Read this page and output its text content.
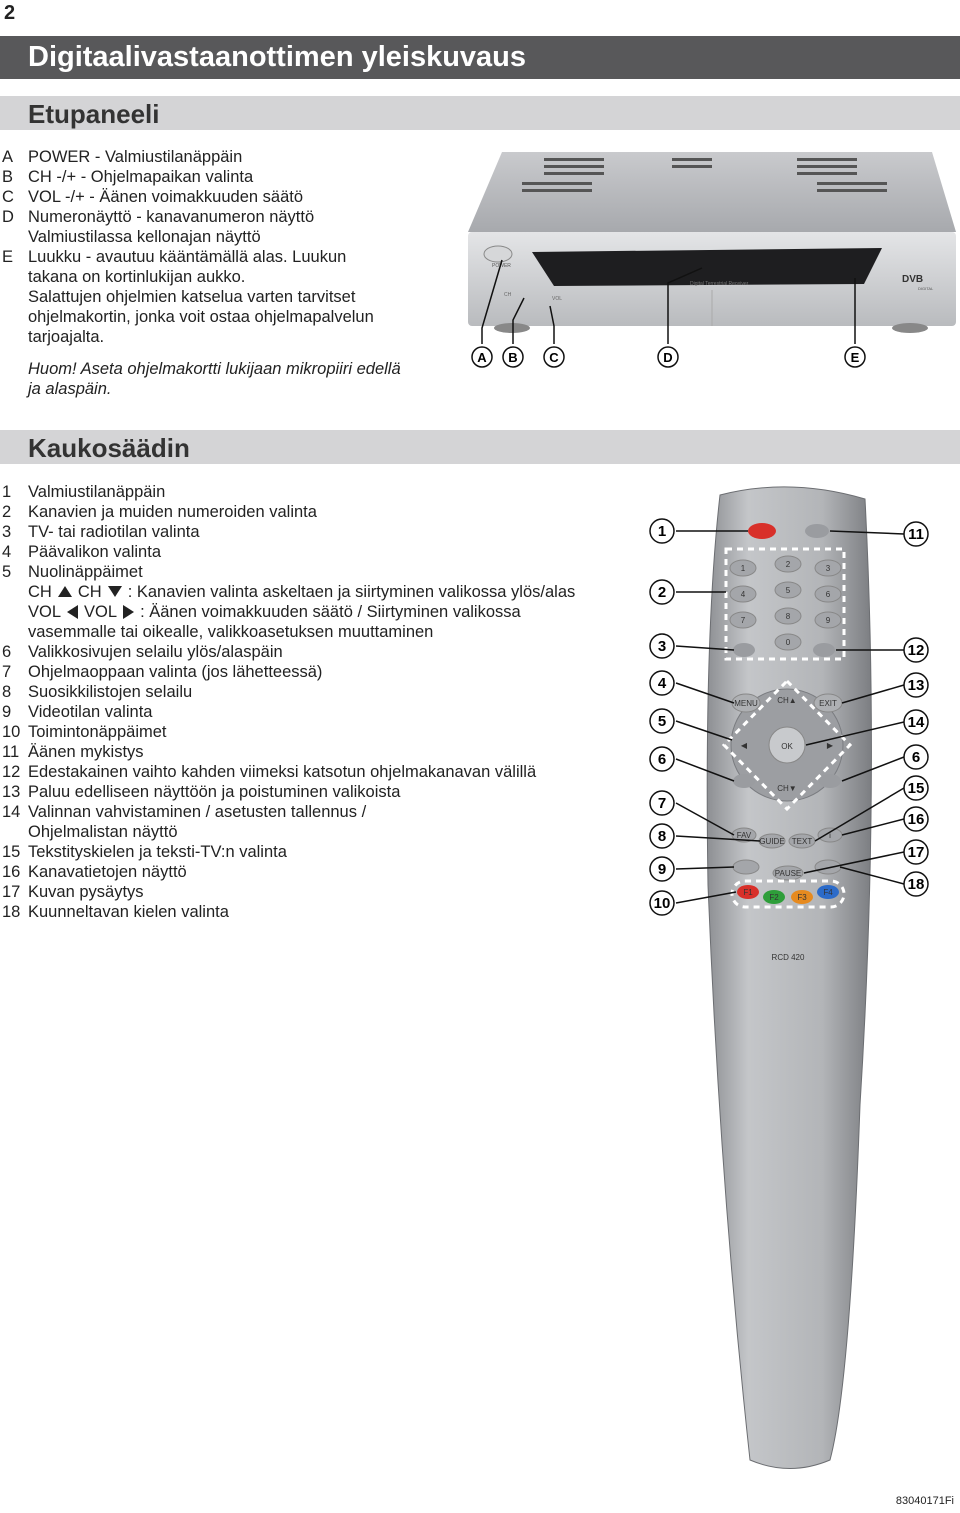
2
Digitaalivastaanottimen yleiskuvaus
Etupaneeli
A POWER - Valmiustilanäppäin
B CH -/+ - Ohjelmapaikan valinta
C VOL -/+ - Äänen voimakkuuden säätö
D Numeronäyttö - kanavanumeron näyttö
Valmiustilassa kellonajan näyttö
E Luukku - avautuu kääntämällä alas. Luukun
takana on kortinlukijan aukko.
Salattujen ohjelmien katselua varten tarvitset
ohjelmakortin, jonka voit ostaa ohjelmapalvelun
tarjoajalta.
Huom! Aseta ohjelmakortti lukijaan mikropiiri edellä
ja alaspäin.
Digital Terrestrial Receiver
POWER
CH
VOL
DVB
DIGITAL
A B C	D	E
Kaukosäädin
1 Valmiustilanäppäin
2 Kanavien ja muiden numeroiden valinta
3 TV- tai radiotilan valinta
4 Päävalikon valinta
5 Nuolinäppäimet
CH CH : Kanavien valinta askeltaen ja siirtyminen valikossa ylös/alas
VOL VOL : Äänen voimakkuuden säätö / Siirtyminen valikossa
vasemmalle tai oikealle, valikkoasetuksen muuttaminen
6 Valikkosivujen selailu ylös/alaspäin
7 Ohjelmaoppaan valinta (jos lähetteessä)
8 Suosikkilistojen selailu
9 Videotilan valinta
10 Toimintonäppäimet
11 Äänen mykistys
12 Edestakainen vaihto kahden viimeksi katsotun ohjelmakanavan välillä
13 Paluu edelliseen näyttöön ja poistuminen valikoista
14 Valinnan vahvistaminen / asetusten tallennus /
Ohjelmalistan näyttö
15 Tekstityskielen ja teksti-TV:n valinta
16 Kanavatietojen näyttö
17 Kuvan pysäytys
18 Kuunneltavan kielen valinta
1	2	3
4	5	6
7	8	9
0
OK
CH▲
CH▼
◀	▶
MENU	EXIT
FAV
GUIDE TEXT
i
PAUSE
F1
F2 F3
F4
RCD 420
1
2
3
4
5
6
7
8
9
10
11
12
13
14
6
15
16
17
18
83040171Fi
